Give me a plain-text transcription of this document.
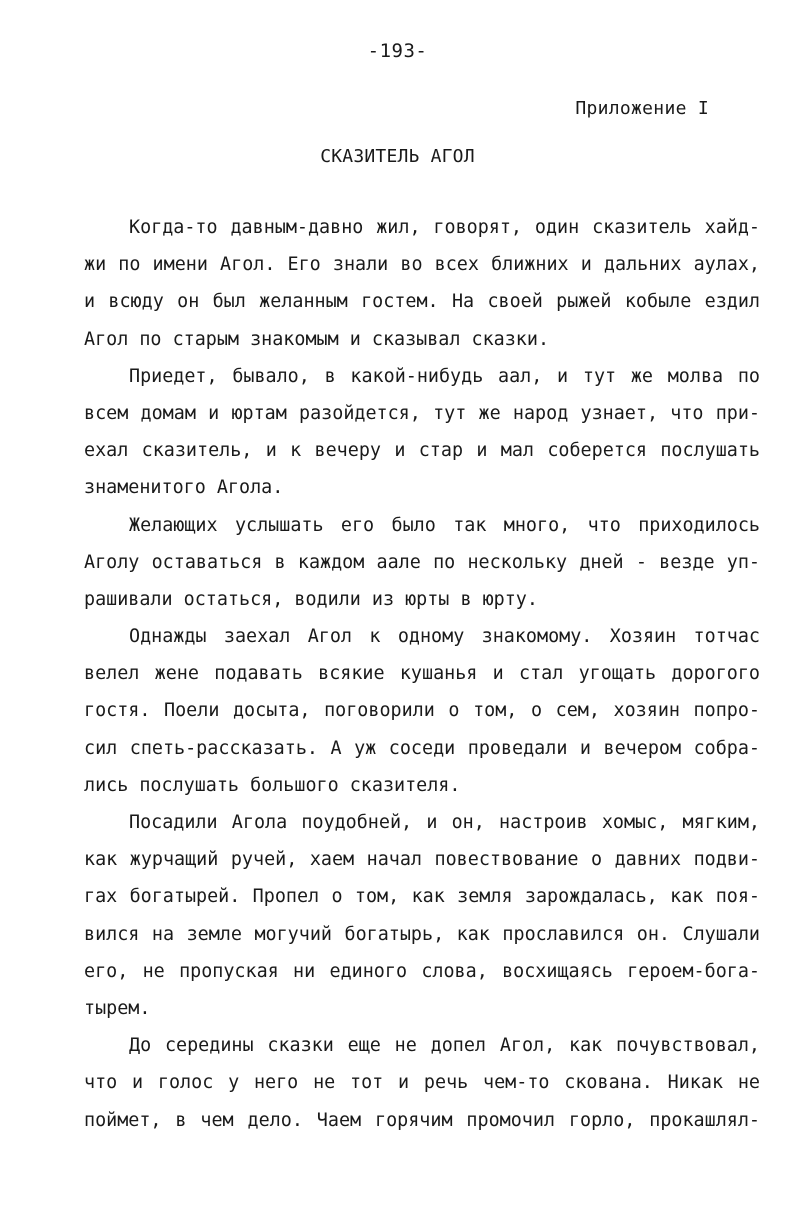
-193-
Приложение I
СКАЗИТЕЛЬ АГОЛ
Когда-то давным-давно жил, говорят, один сказитель хайд-
жи по имени Агол. Его знали во всех ближних и дальних аулах,
и всюду он был желанным гостем. На своей рыжей кобыле ездил
Агол по старым знакомым и сказывал сказки.
Приедет, бывало, в какой-нибудь аал, и тут же молва по
всем домам и юртам разойдется, тут же народ узнает, что при-
ехал сказитель, и к вечеру и стар и мал соберется послушать
знаменитого Агола.
Желающих услышать его было так много, что приходилось
Аголу оставаться в каждом аале по нескольку дней - везде уп-
рашивали остаться, водили из юрты в юрту.
Однажды заехал Агол к одному знакомому. Хозяин тотчас
велел жене подавать всякие кушанья и стал угощать дорогого
гостя. Поели досыта, поговорили о том, о сем, хозяин попро-
сил спеть-рассказать. А уж соседи проведали и вечером собра-
лись послушать большого сказителя.
Посадили Агола поудобней, и он, настроив хомыс, мягким,
как журчащий ручей, хаем начал повествование о давних подви-
гах богатырей. Пропел о том, как земля зарождалась, как поя-
вился на земле могучий богатырь, как прославился он. Слушали
его, не пропуская ни единого слова, восхищаясь героем-бога-
тырем.
До середины сказки еще не допел Агол, как почувствовал,
что и голос у него не тот и речь чем-то скована. Никак не
поймет, в чем дело. Чаем горячим промочил горло, прокашлял-
